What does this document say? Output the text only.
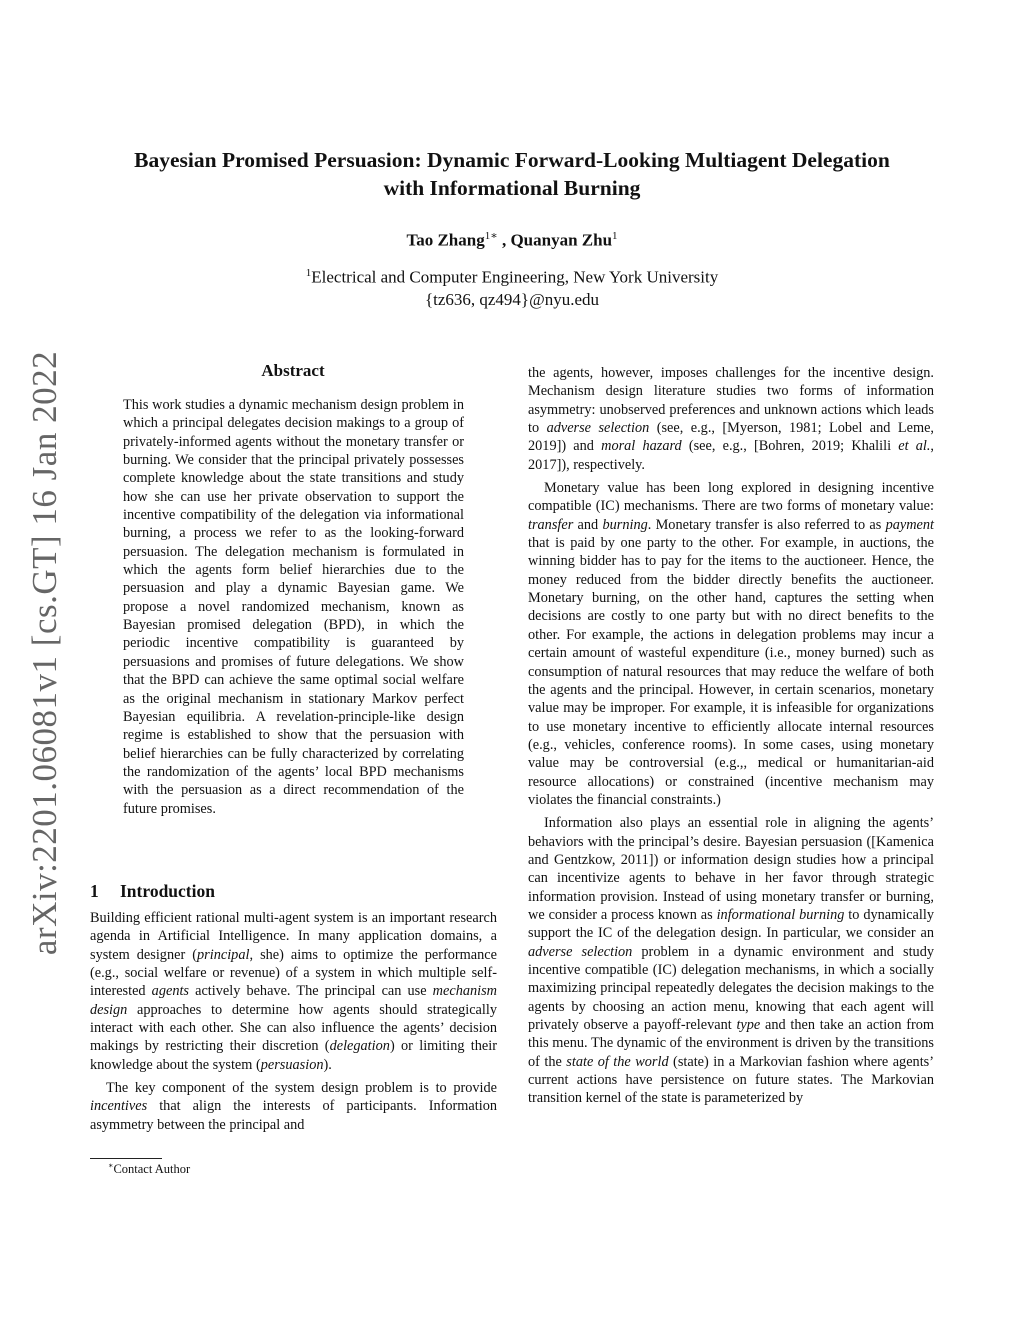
Bayesian Promised Persuasion: Dynamic Forward-Looking Multiagent Delegation
with Informational Burning
Tao Zhang$^{1∗}$ , Quanyan Zhu$^1$
$^1$Electrical and Computer Engineering, New York University
{tz636, qz494}@nyu.edu
arXiv:2201.06081v1 [cs.GT] 16 Jan 2022	Abstract

This work studies a dynamic mechanism design problem in which a principal delegates decision makings to a group of privately-informed agents without the monetary transfer or burning. We consider that the principal privately possesses complete knowledge about the state transitions and study how she can use her private observation to support the incentive compatibility of the delegation via informational burning, a process we refer to as the looking-forward persuasion. The delegation mechanism is formulated in which the agents form belief hierarchies due to the persuasion and play a dynamic Bayesian game. We propose a novel randomized mechanism, known as Bayesian promised delegation (BPD), in which the periodic incentive compatibility is guaranteed by persuasions and promises of future delegations. We show that the BPD can achieve the same optimal social welfare as the original mechanism in stationary Markov perfect Bayesian equilibria. A revelation-principle-like design regime is established to show that the persuasion with belief hierarchies can be fully characterized by correlating the randomization of the agents’ local BPD mechanisms with the persuasion as a direct recommendation of the future promises.

1 Introduction

Building efficient rational multi-agent system is an important research agenda in Artificial Intelligence. In many application domains, a system designer (principal, she) aims to optimize the performance (e.g., social welfare or revenue) of a system in which multiple self-interested agents actively behave. The principal can use mechanism design approaches to determine how agents should strategically interact with each other. She can also influence the agents’ decision makings by restricting their discretion (delegation) or limiting their knowledge about the system (persuasion).

The key component of the system design problem is to provide incentives that align the interests of participants. Information asymmetry between the principal and

the agents, however, imposes challenges for the incentive design. Mechanism design literature studies two forms of information asymmetry: unobserved preferences and unknown actions which leads to adverse selection (see, e.g., [Myerson, 1981; Lobel and Leme, 2019]) and moral hazard (see, e.g., [Bohren, 2019; Khalili et al., 2017]), respectively.

Monetary value has been long explored in designing incentive compatible (IC) mechanisms. There are two forms of monetary value: transfer and burning. Monetary transfer is also referred to as payment that is paid by one party to the other. For example, in auctions, the winning bidder has to pay for the items to the auctioneer. Hence, the money reduced from the bidder directly benefits the auctioneer. Monetary burning, on the other hand, captures the setting when decisions are costly to one party but with no direct benefits to the other. For example, the actions in delegation problems may incur a certain amount of wasteful expenditure (i.e., money burned) such as consumption of natural resources that may reduce the welfare of both the agents and the principal. However, in certain scenarios, monetary value may be improper. For example, it is infeasible for organizations to use monetary incentive to efficiently allocate internal resources (e.g., vehicles, conference rooms). In some cases, using monetary value may be controversial (e.g.,, medical or humanitarian-aid resource allocations) or constrained (incentive mechanism may violates the financial constraints.)

Information also plays an essential role in aligning the agents’ behaviors with the principal’s desire. Bayesian persuasion ([Kamenica and Gentzkow, 2011]) or information design studies how a principal can incentivize agents to behave in her favor through strategic information provision. Instead of using monetary transfer or burning, we consider a process known as informational burning to dynamically support the IC of the delegation design. In particular, we consider an adverse selection problem in a dynamic environment and study incentive compatible (IC) delegation mechanisms, in which a socially maximizing principal repeatedly delegates the decision makings to the agents by choosing an action menu, knowing that each agent will privately observe a payoff-relevant type and then take an action from this menu. The dynamic of the environment is driven by the transitions of the state of the world (state) in a Markovian fashion where agents’ current actions have persistence on future states. The Markovian transition kernel of the state is parameterized by

∗Contact Author
